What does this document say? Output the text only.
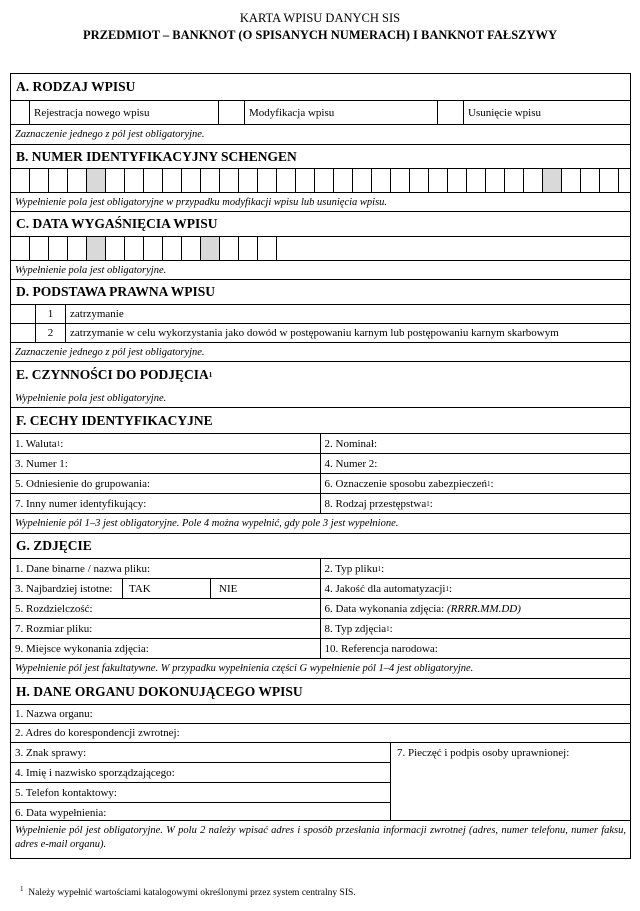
KARTA WPISU DANYCH SIS
PRZEDMIOT – BANKNOT (O SPISANYCH NUMERACH) I BANKNOT FAŁSZYWY
A. RODZAJ WPISU
Rejestracja nowego wpisu	Modyfikacja wpisu	Usunięcie wpisu
Zaznaczenie jednego z pól jest obligatoryjne.
B. NUMER IDENTYFIKACYJNY SCHENGEN
Wypełnienie pola jest obligatoryjne w przypadku modyfikacji wpisu lub usunięcia wpisu.
C. DATA WYGAŚNIĘCIA WPISU
Wypełnienie pola jest obligatoryjne.
D. PODSTAWA PRAWNA WPISU
1	zatrzymanie
2	zatrzymanie w celu wykorzystania jako dowód w postępowaniu karnym lub postępowaniu karnym skarbowym
Zaznaczenie jednego z pól jest obligatoryjne.
E. CZYNNOŚCI DO PODJĘCIA 1
Wypełnienie pola jest obligatoryjne.
F. CECHY IDENTYFIKACYJNE
1. Waluta 1 :	2. Nominał:
3. Numer 1:	4. Numer 2:
5. Odniesienie do grupowania:	6. Oznaczenie sposobu zabezpieczeń 1 :
7. Inny numer identyfikujący:	8. Rodzaj przestępstwa 1 :
Wypełnienie pól 1–3 jest obligatoryjne. Pole 4 można wypełnić, gdy pole 3 jest wypełnione.
G. ZDJĘCIE
1. Dane binarne / nazwa pliku:	2. Typ pliku 1 :
3. Najbardziej istotne:	TAK	NIE	4. Jakość dla automatyzacji 1 :
5. Rozdzielczość:	6. Data wykonania zdjęcia:
(RRRR.MM.DD)
7. Rozmiar pliku:	8. Typ zdjęcia 1 :
9. Miejsce wykonania zdjęcia:	10. Referencja narodowa:
Wypełnienie pól jest fakultatywne. W przypadku wypełnienia części G wypełnienie pól 1–4 jest obligatoryjne.
H. DANE ORGANU DOKONUJĄCEGO WPISU
1. Nazwa organu:
2. Adres do korespondencji zwrotnej:
3. Znak sprawy:
4. Imię i nazwisko sporządzającego:
5. Telefon kontaktowy:
6. Data wypełnienia:
7. Pieczęć i podpis osoby uprawnionej:
Wypełnienie pól jest obligatoryjne. W polu 2 należy wpisać adres i sposób przesłania informacji zwrotnej (adres, numer telefonu, numer faksu, adres e-mail organu).
$^1$ Należy wypełnić wartościami katalogowymi określonymi przez system centralny SIS.
